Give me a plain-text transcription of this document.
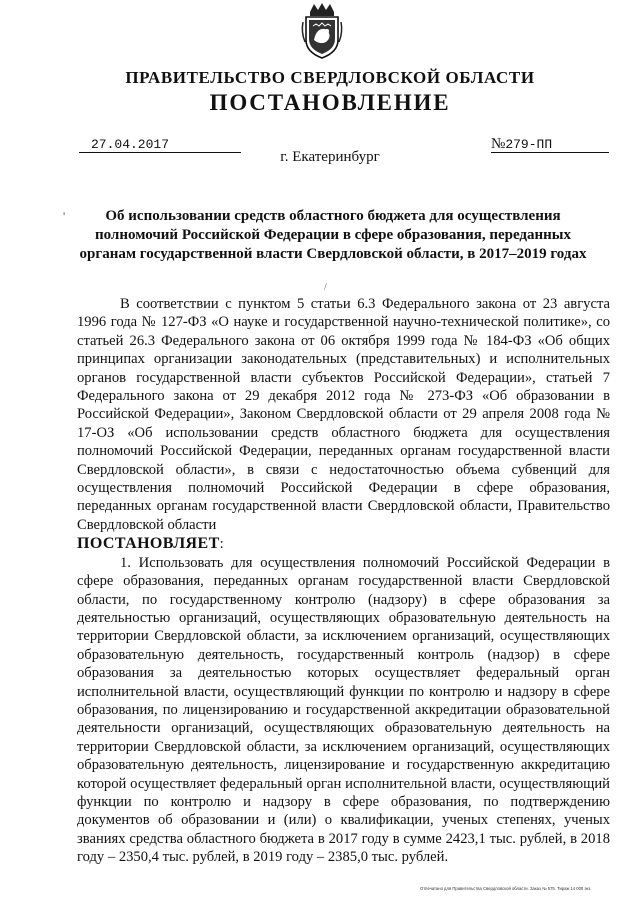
ПРАВИТЕЛЬСТВО СВЕРДЛОВСКОЙ ОБЛАСТИ
ПОСТАНОВЛЕНИЕ
27.04.2017	№279-ПП
г. Екатеринбург
'	Об использовании средств областного бюджета для осуществления полномочий Российской Федерации в сфере образования, переданных органам государственной власти Свердловской области, в 2017–2019 годах
/

В соответствии с пунктом 5 статьи 6.3 Федерального закона от 23 августа 1996 года № 127-ФЗ «О науке и государственной научно-технической политике», со статьей 26.3 Федерального закона от 06 октября 1999 года № 184-ФЗ «Об общих принципах организации законодательных (представительных) и исполнительных органов государственной власти субъектов Российской Федерации», статьей 7 Федерального закона от 29 декабря 2012 года № 273-ФЗ «Об образовании в Российской Федерации», Законом Свердловской области от 29 апреля 2008 года № 17-ОЗ «Об использовании средств областного бюджета для осуществления полномочий Российской Федерации, переданных органам государственной власти Свердловской области», в связи с недостаточностью объема субвенций для осуществления полномочий Российской Федерации в сфере образования, переданных органам государственной власти Свердловской области, Правительство Свердловской области

ПОСТАНОВЛЯЕТ:

1. Использовать для осуществления полномочий Российской Федерации в сфере образования, переданных органам государственной власти Свердловской области, по государственному контролю (надзору) в сфере образования за деятельностью организаций, осуществляющих образовательную деятельность на территории Свердловской области, за исключением организаций, осуществляющих образовательную деятельность, государственный контроль (надзор) в сфере образования за деятельностью которых осуществляет федеральный орган исполнительной власти, осуществляющий функции по контролю и надзору в сфере образования, по лицензированию и государственной аккредитации образовательной деятельности организаций, осуществляющих образовательную деятельность на территории Свердловской области, за исключением организаций, осуществляющих образовательную деятельность, лицензирование и государственную аккредитацию которой осуществляет федеральный орган исполнительной власти, осуществляющий функции по контролю и надзору в сфере образования, по подтверждению документов об образовании и (или) о квалификации, ученых степенях, ученых званиях средства областного бюджета в 2017 году в сумме 2423,1 тыс. рублей, в 2018 году – 2350,4 тыс. рублей, в 2019 году – 2385,0 тыс. рублей.

Отпечатано для Правительства Свердловской области. Заказ № 575. Тираж 14 000 экз.
